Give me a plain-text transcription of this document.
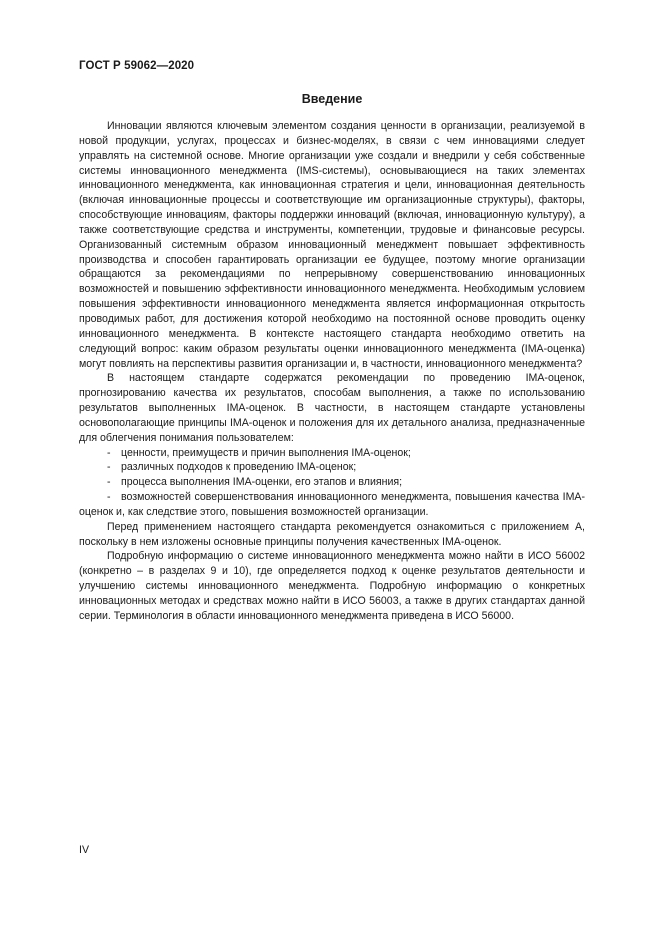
ГОСТ Р 59062—2020
Введение

Инновации являются ключевым элементом создания ценности в организации, реализуемой в новой продукции, услугах, процессах и бизнес-моделях, в связи с чем инновациями следует управлять на системной основе. Многие организации уже создали и внедрили у себя собственные системы инновационного менеджмента (IMS-системы), основывающиеся на таких элементах инновационного менеджмента, как инновационная стратегия и цели, инновационная деятельность (включая инновационные процессы и соответствующие им организационные структуры), факторы, способствующие инновациям, факторы поддержки инноваций (включая, инновационную культуру), а также соответствующие средства и инструменты, компетенции, трудовые и финансовые ресурсы. Организованный системным образом инновационный менеджмент повышает эффективность производства и способен гарантировать организации ее будущее, поэтому многие организации обращаются за рекомендациями по непрерывному совершенствованию инновационных возможностей и повышению эффективности инновационного менеджмента. Необходимым условием повышения эффективности инновационного менеджмента является информационная открытость проводимых работ, для достижения которой необходимо на постоянной основе проводить оценку инновационного менеджмента. В контексте настоящего стандарта необходимо ответить на следующий вопрос: каким образом результаты оценки инновационного менеджмента (IMA-оценка) могут повлиять на перспективы развития организации и, в частности, инновационного менеджмента?

В настоящем стандарте содержатся рекомендации по проведению IMA-оценок, прогнозированию качества их результатов, способам выполнения, а также по использованию результатов выполненных IMA-оценок. В частности, в настоящем стандарте установлены основополагающие принципы IMA-оценок и положения для их детального анализа, предназначенные для облегчения понимания пользователем:

- ценности, преимуществ и причин выполнения IMA-оценок;
- различных подходов к проведению IMA-оценок;
- процесса выполнения IMA-оценки, его этапов и влияния;
- возможностей совершенствования инновационного менеджмента, повышения качества IMA-оценок и, как следствие этого, повышения возможностей организации.

Перед применением настоящего стандарта рекомендуется ознакомиться с приложением А, поскольку в нем изложены основные принципы получения качественных IMA-оценок.

Подробную информацию о системе инновационного менеджмента можно найти в ИСО 56002 (конкретно – в разделах 9 и 10), где определяется подход к оценке результатов деятельности и улучшению системы инновационного менеджмента. Подробную информацию о конкретных инновационных методах и средствах можно найти в ИСО 56003, а также в других стандартах данной серии. Терминология в области инновационного менеджмента приведена в ИСО 56000.

IV
